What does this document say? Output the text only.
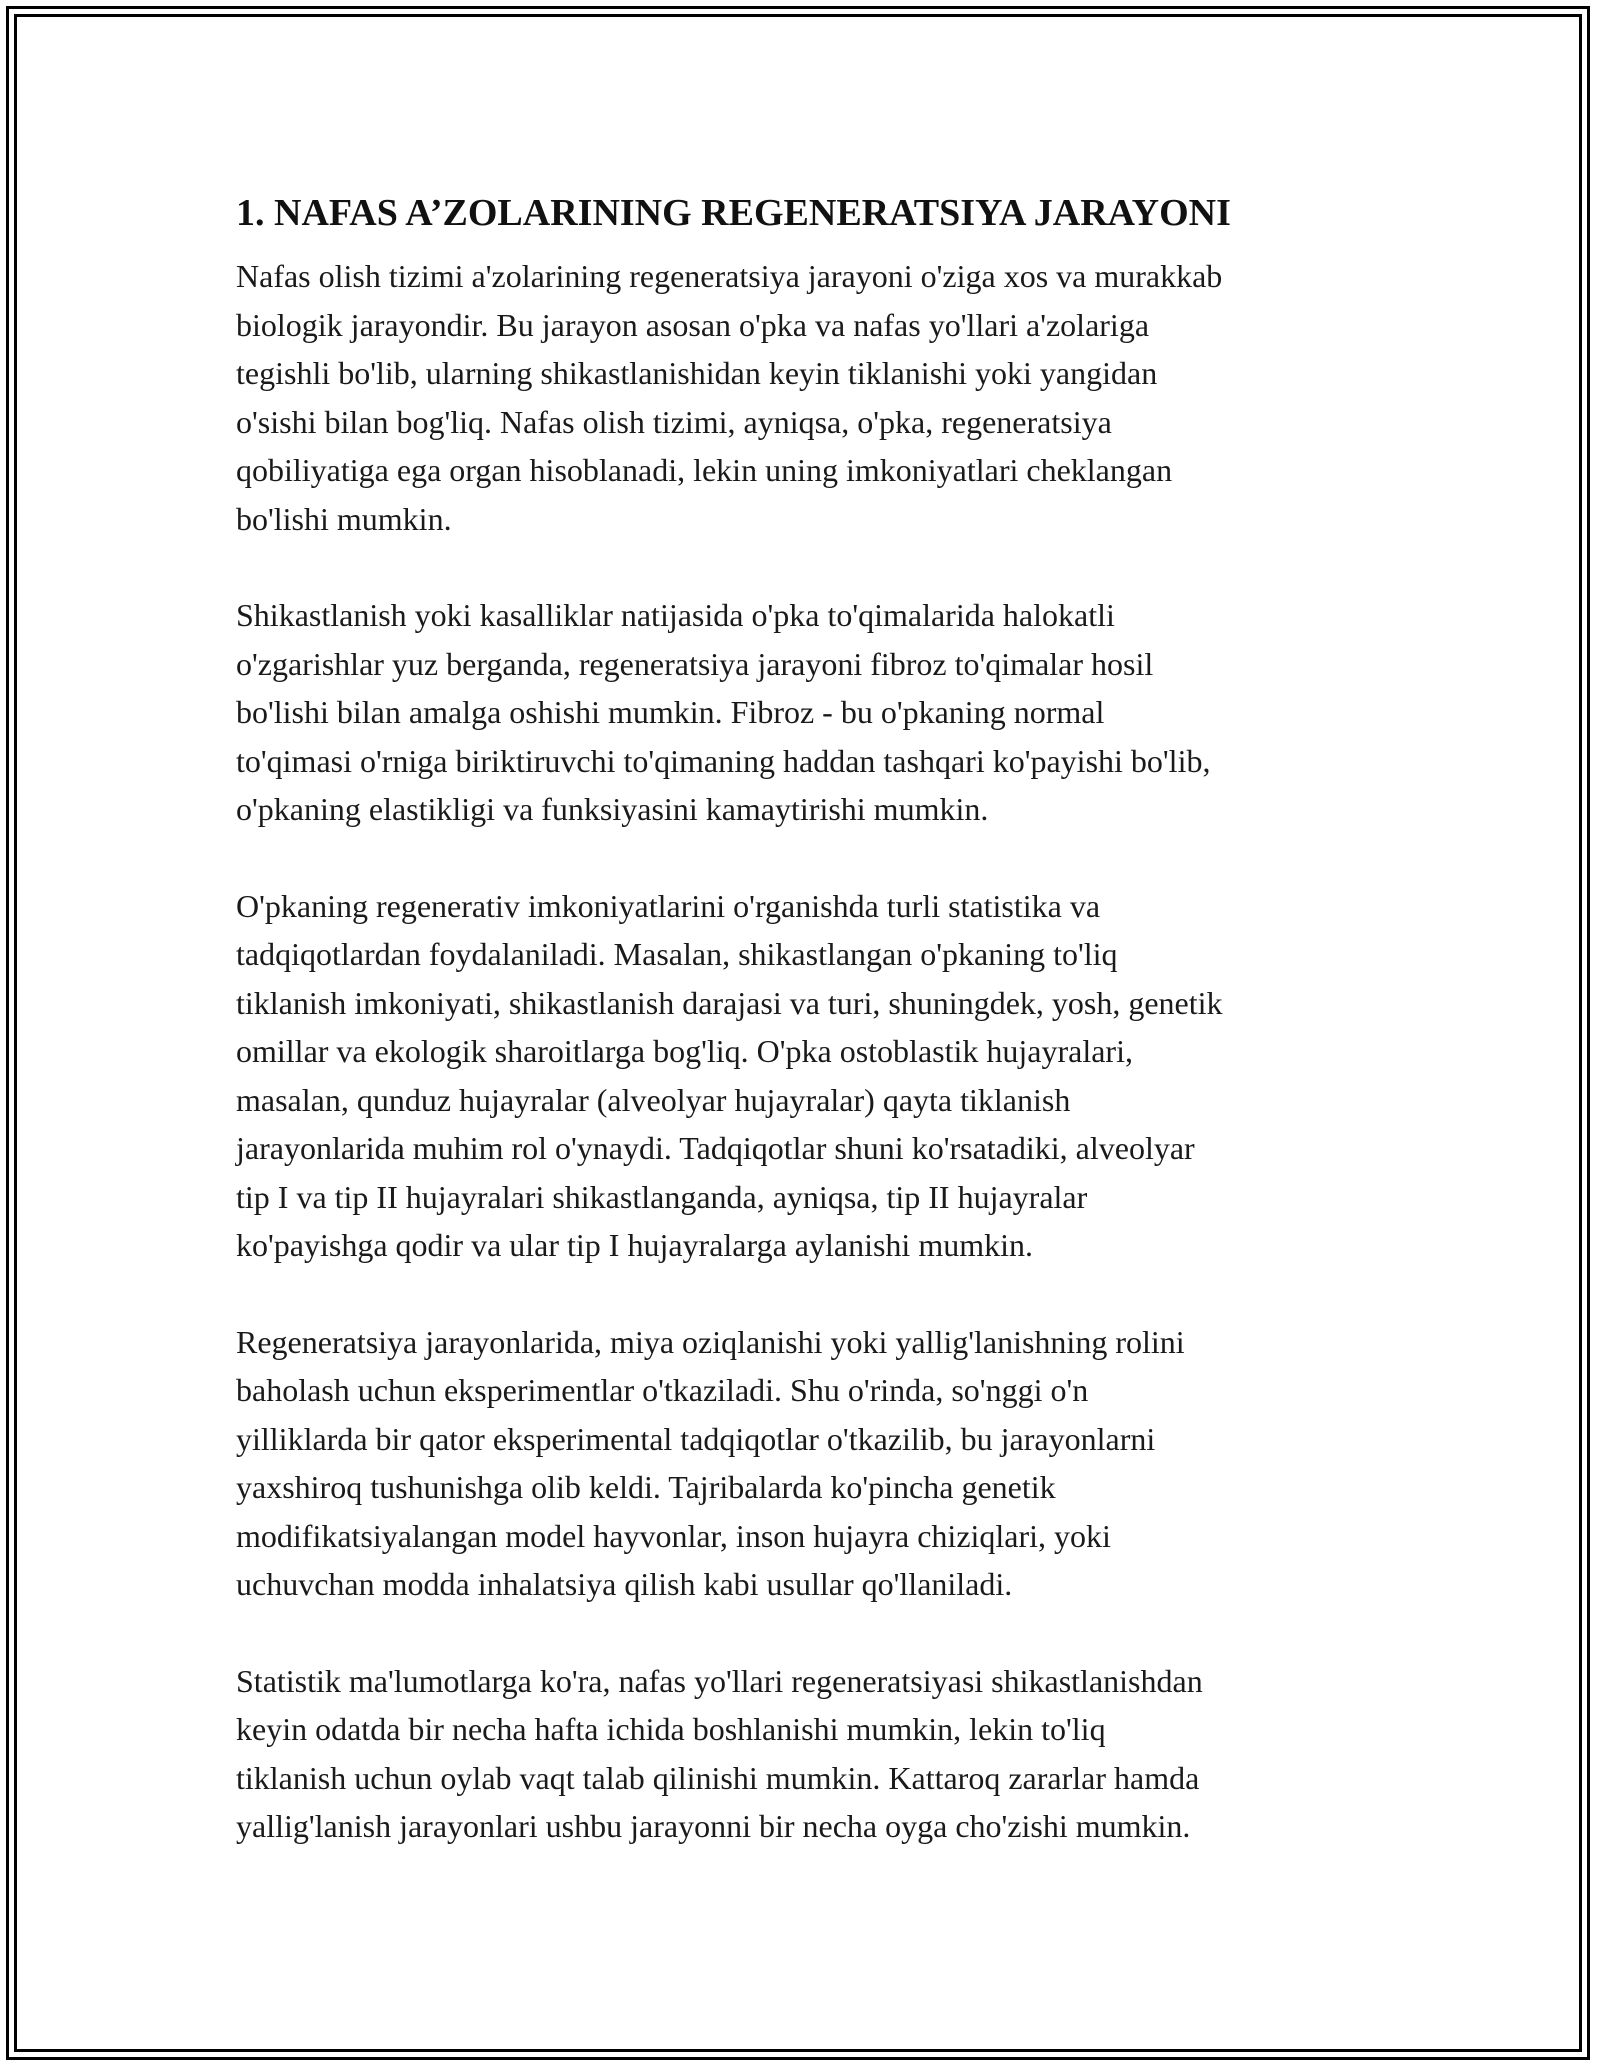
1. NAFAS A’ZOLARINING REGENERATSIYA JARAYONI

Nafas olish tizimi a'zolarining regeneratsiya jarayoni o'ziga xos va murakkab
biologik jarayondir. Bu jarayon asosan o'pka va nafas yo'llari a'zolariga
tegishli bo'lib, ularning shikastlanishidan keyin tiklanishi yoki yangidan
o'sishi bilan bog'liq. Nafas olish tizimi, ayniqsa, o'pka, regeneratsiya
qobiliyatiga ega organ hisoblanadi, lekin uning imkoniyatlari cheklangan
bo'lishi mumkin.

Shikastlanish yoki kasalliklar natijasida o'pka to'qimalarida halokatli
o'zgarishlar yuz berganda, regeneratsiya jarayoni fibroz to'qimalar hosil
bo'lishi bilan amalga oshishi mumkin. Fibroz - bu o'pkaning normal
to'qimasi o'rniga biriktiruvchi to'qimaning haddan tashqari ko'payishi bo'lib,
o'pkaning elastikligi va funksiyasini kamaytirishi mumkin.

O'pkaning regenerativ imkoniyatlarini o'rganishda turli statistika va
tadqiqotlardan foydalaniladi. Masalan, shikastlangan o'pkaning to'liq
tiklanish imkoniyati, shikastlanish darajasi va turi, shuningdek, yosh, genetik
omillar va ekologik sharoitlarga bog'liq. O'pka ostoblastik hujayralari,
masalan, qunduz hujayralar (alveolyar hujayralar) qayta tiklanish
jarayonlarida muhim rol o'ynaydi. Tadqiqotlar shuni ko'rsatadiki, alveolyar
tip I va tip II hujayralari shikastlanganda, ayniqsa, tip II hujayralar
ko'payishga qodir va ular tip I hujayralarga aylanishi mumkin.

Regeneratsiya jarayonlarida, miya oziqlanishi yoki yallig'lanishning rolini
baholash uchun eksperimentlar o'tkaziladi. Shu o'rinda, so'nggi o'n
yilliklarda bir qator eksperimental tadqiqotlar o'tkazilib, bu jarayonlarni
yaxshiroq tushunishga olib keldi. Tajribalarda ko'pincha genetik
modifikatsiyalangan model hayvonlar, inson hujayra chiziqlari, yoki
uchuvchan modda inhalatsiya qilish kabi usullar qo'llaniladi.

Statistik ma'lumotlarga ko'ra, nafas yo'llari regeneratsiyasi shikastlanishdan
keyin odatda bir necha hafta ichida boshlanishi mumkin, lekin to'liq
tiklanish uchun oylab vaqt talab qilinishi mumkin. Kattaroq zararlar hamda
yallig'lanish jarayonlari ushbu jarayonni bir necha oyga cho'zishi mumkin.
